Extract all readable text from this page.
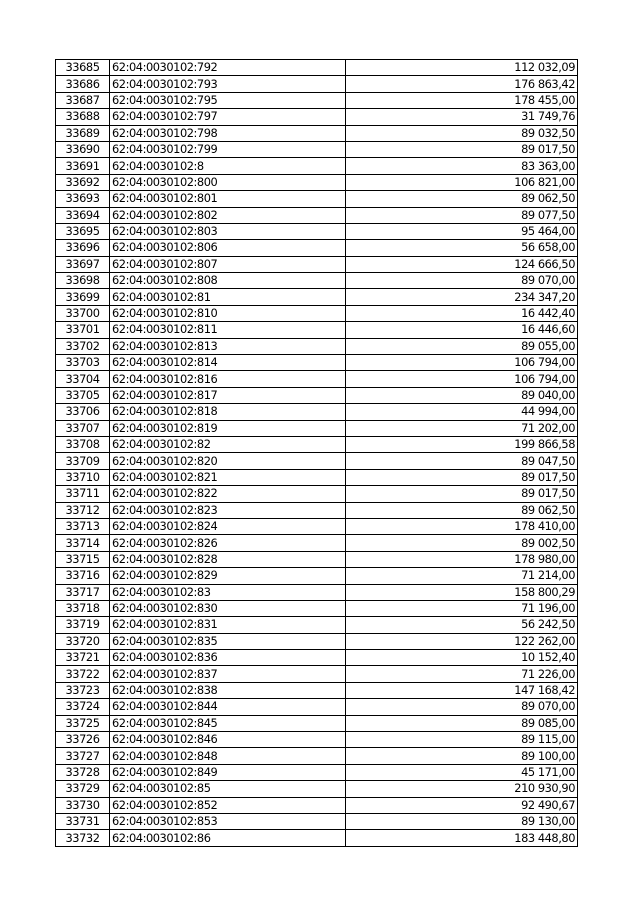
33685	62:04:0030102:792	112 032,09
33686	62:04:0030102:793	176 863,42
33687	62:04:0030102:795	178 455,00
33688	62:04:0030102:797	31 749,76
33689	62:04:0030102:798	89 032,50
33690	62:04:0030102:799	89 017,50
33691	62:04:0030102:8	83 363,00
33692	62:04:0030102:800	106 821,00
33693	62:04:0030102:801	89 062,50
33694	62:04:0030102:802	89 077,50
33695	62:04:0030102:803	95 464,00
33696	62:04:0030102:806	56 658,00
33697	62:04:0030102:807	124 666,50
33698	62:04:0030102:808	89 070,00
33699	62:04:0030102:81	234 347,20
33700	62:04:0030102:810	16 442,40
33701	62:04:0030102:811	16 446,60
33702	62:04:0030102:813	89 055,00
33703	62:04:0030102:814	106 794,00
33704	62:04:0030102:816	106 794,00
33705	62:04:0030102:817	89 040,00
33706	62:04:0030102:818	44 994,00
33707	62:04:0030102:819	71 202,00
33708	62:04:0030102:82	199 866,58
33709	62:04:0030102:820	89 047,50
33710	62:04:0030102:821	89 017,50
33711	62:04:0030102:822	89 017,50
33712	62:04:0030102:823	89 062,50
33713	62:04:0030102:824	178 410,00
33714	62:04:0030102:826	89 002,50
33715	62:04:0030102:828	178 980,00
33716	62:04:0030102:829	71 214,00
33717	62:04:0030102:83	158 800,29
33718	62:04:0030102:830	71 196,00
33719	62:04:0030102:831	56 242,50
33720	62:04:0030102:835	122 262,00
33721	62:04:0030102:836	10 152,40
33722	62:04:0030102:837	71 226,00
33723	62:04:0030102:838	147 168,42
33724	62:04:0030102:844	89 070,00
33725	62:04:0030102:845	89 085,00
33726	62:04:0030102:846	89 115,00
33727	62:04:0030102:848	89 100,00
33728	62:04:0030102:849	45 171,00
33729	62:04:0030102:85	210 930,90
33730	62:04:0030102:852	92 490,67
33731	62:04:0030102:853	89 130,00
33732	62:04:0030102:86	183 448,80
